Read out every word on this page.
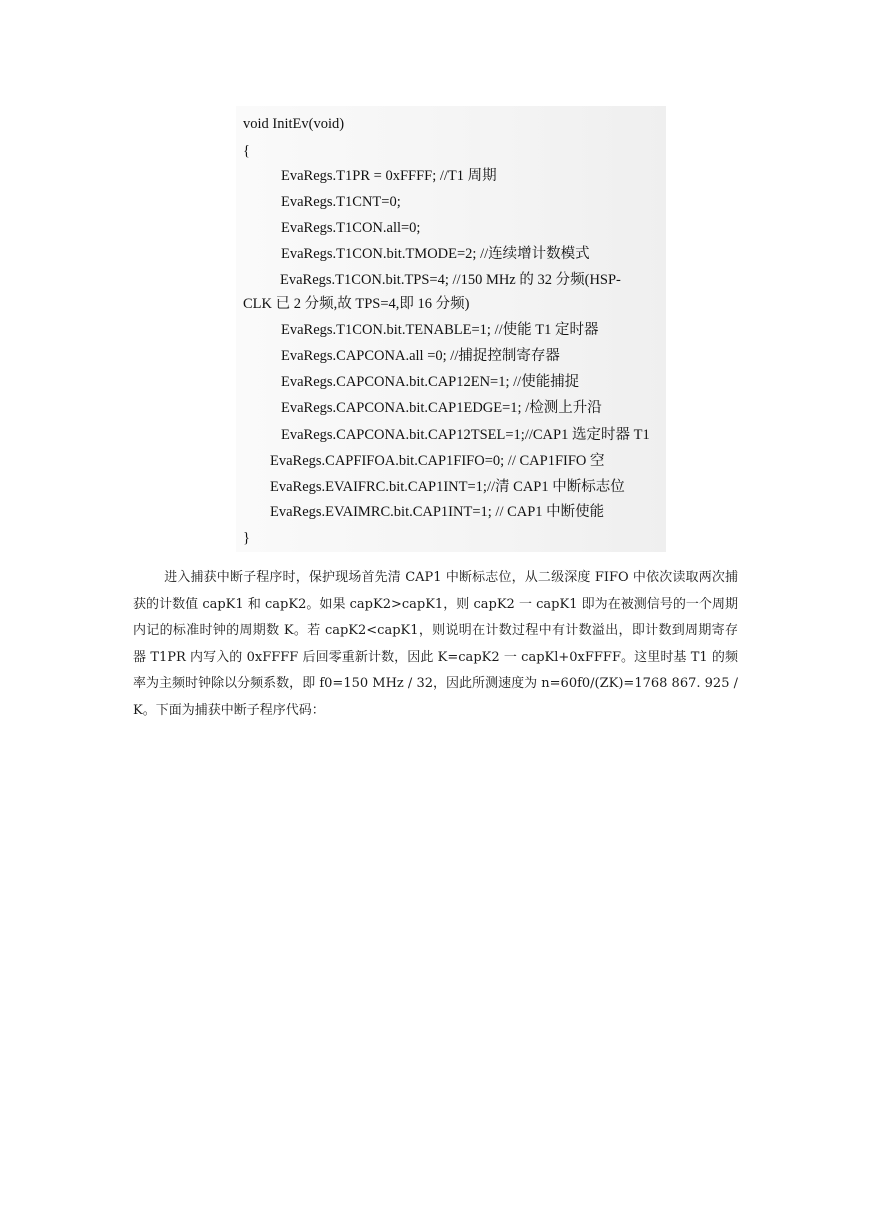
void InitEv(void)
{
EvaRegs.T1PR = 0xFFFF; //T1 周期
EvaRegs.T1CNT=0;
EvaRegs.T1CON.all=0;
EvaRegs.T1CON.bit.TMODE=2; //连续增计数模式
EvaRegs.T1CON.bit.TPS=4; //150 MHz 的 32 分频(HSP-
CLK 已 2 分频,故 TPS=4,即 16 分频)
EvaRegs.T1CON.bit.TENABLE=1; //使能 T1 定时器
EvaRegs.CAPCONA.all =0; //捕捉控制寄存器
EvaRegs.CAPCONA.bit.CAP12EN=1; //使能捕捉
EvaRegs.CAPCONA.bit.CAP1EDGE=1; /检测上升沿
EvaRegs.CAPCONA.bit.CAP12TSEL=1;//CAP1 选定时器 T1
EvaRegs.CAPFIFOA.bit.CAP1FIFO=0; // CAP1FIFO 空
EvaRegs.EVAIFRC.bit.CAP1INT=1;//清 CAP1 中断标志位
EvaRegs.EVAIMRC.bit.CAP1INT=1; // CAP1 中断使能
}

进入捕获中断子程序时，保护现场首先清 CAP1 中断标志位，从二级深度 FIFO 中依次读取两次捕获的计数值 capK1 和 capK2。如果 capK2>capK1，则 capK2 一 capK1 即为在被测信号的一个周期内记的标准时钟的周期数 K。若 capK2<capK1，则说明在计数过程中有计数溢出，即计数到周期寄存器 T1PR 内写入的 0xFFFF 后回零重新计数，因此 K=capK2 一 capKl+0xFFFF。这里时基 T1 的频率为主频时钟除以分频系数，即 f0=150 MHz / 32，因此所测速度为 n=60f0/(ZK)=1768 867. 925 / K。下面为捕获中断子程序代码：
